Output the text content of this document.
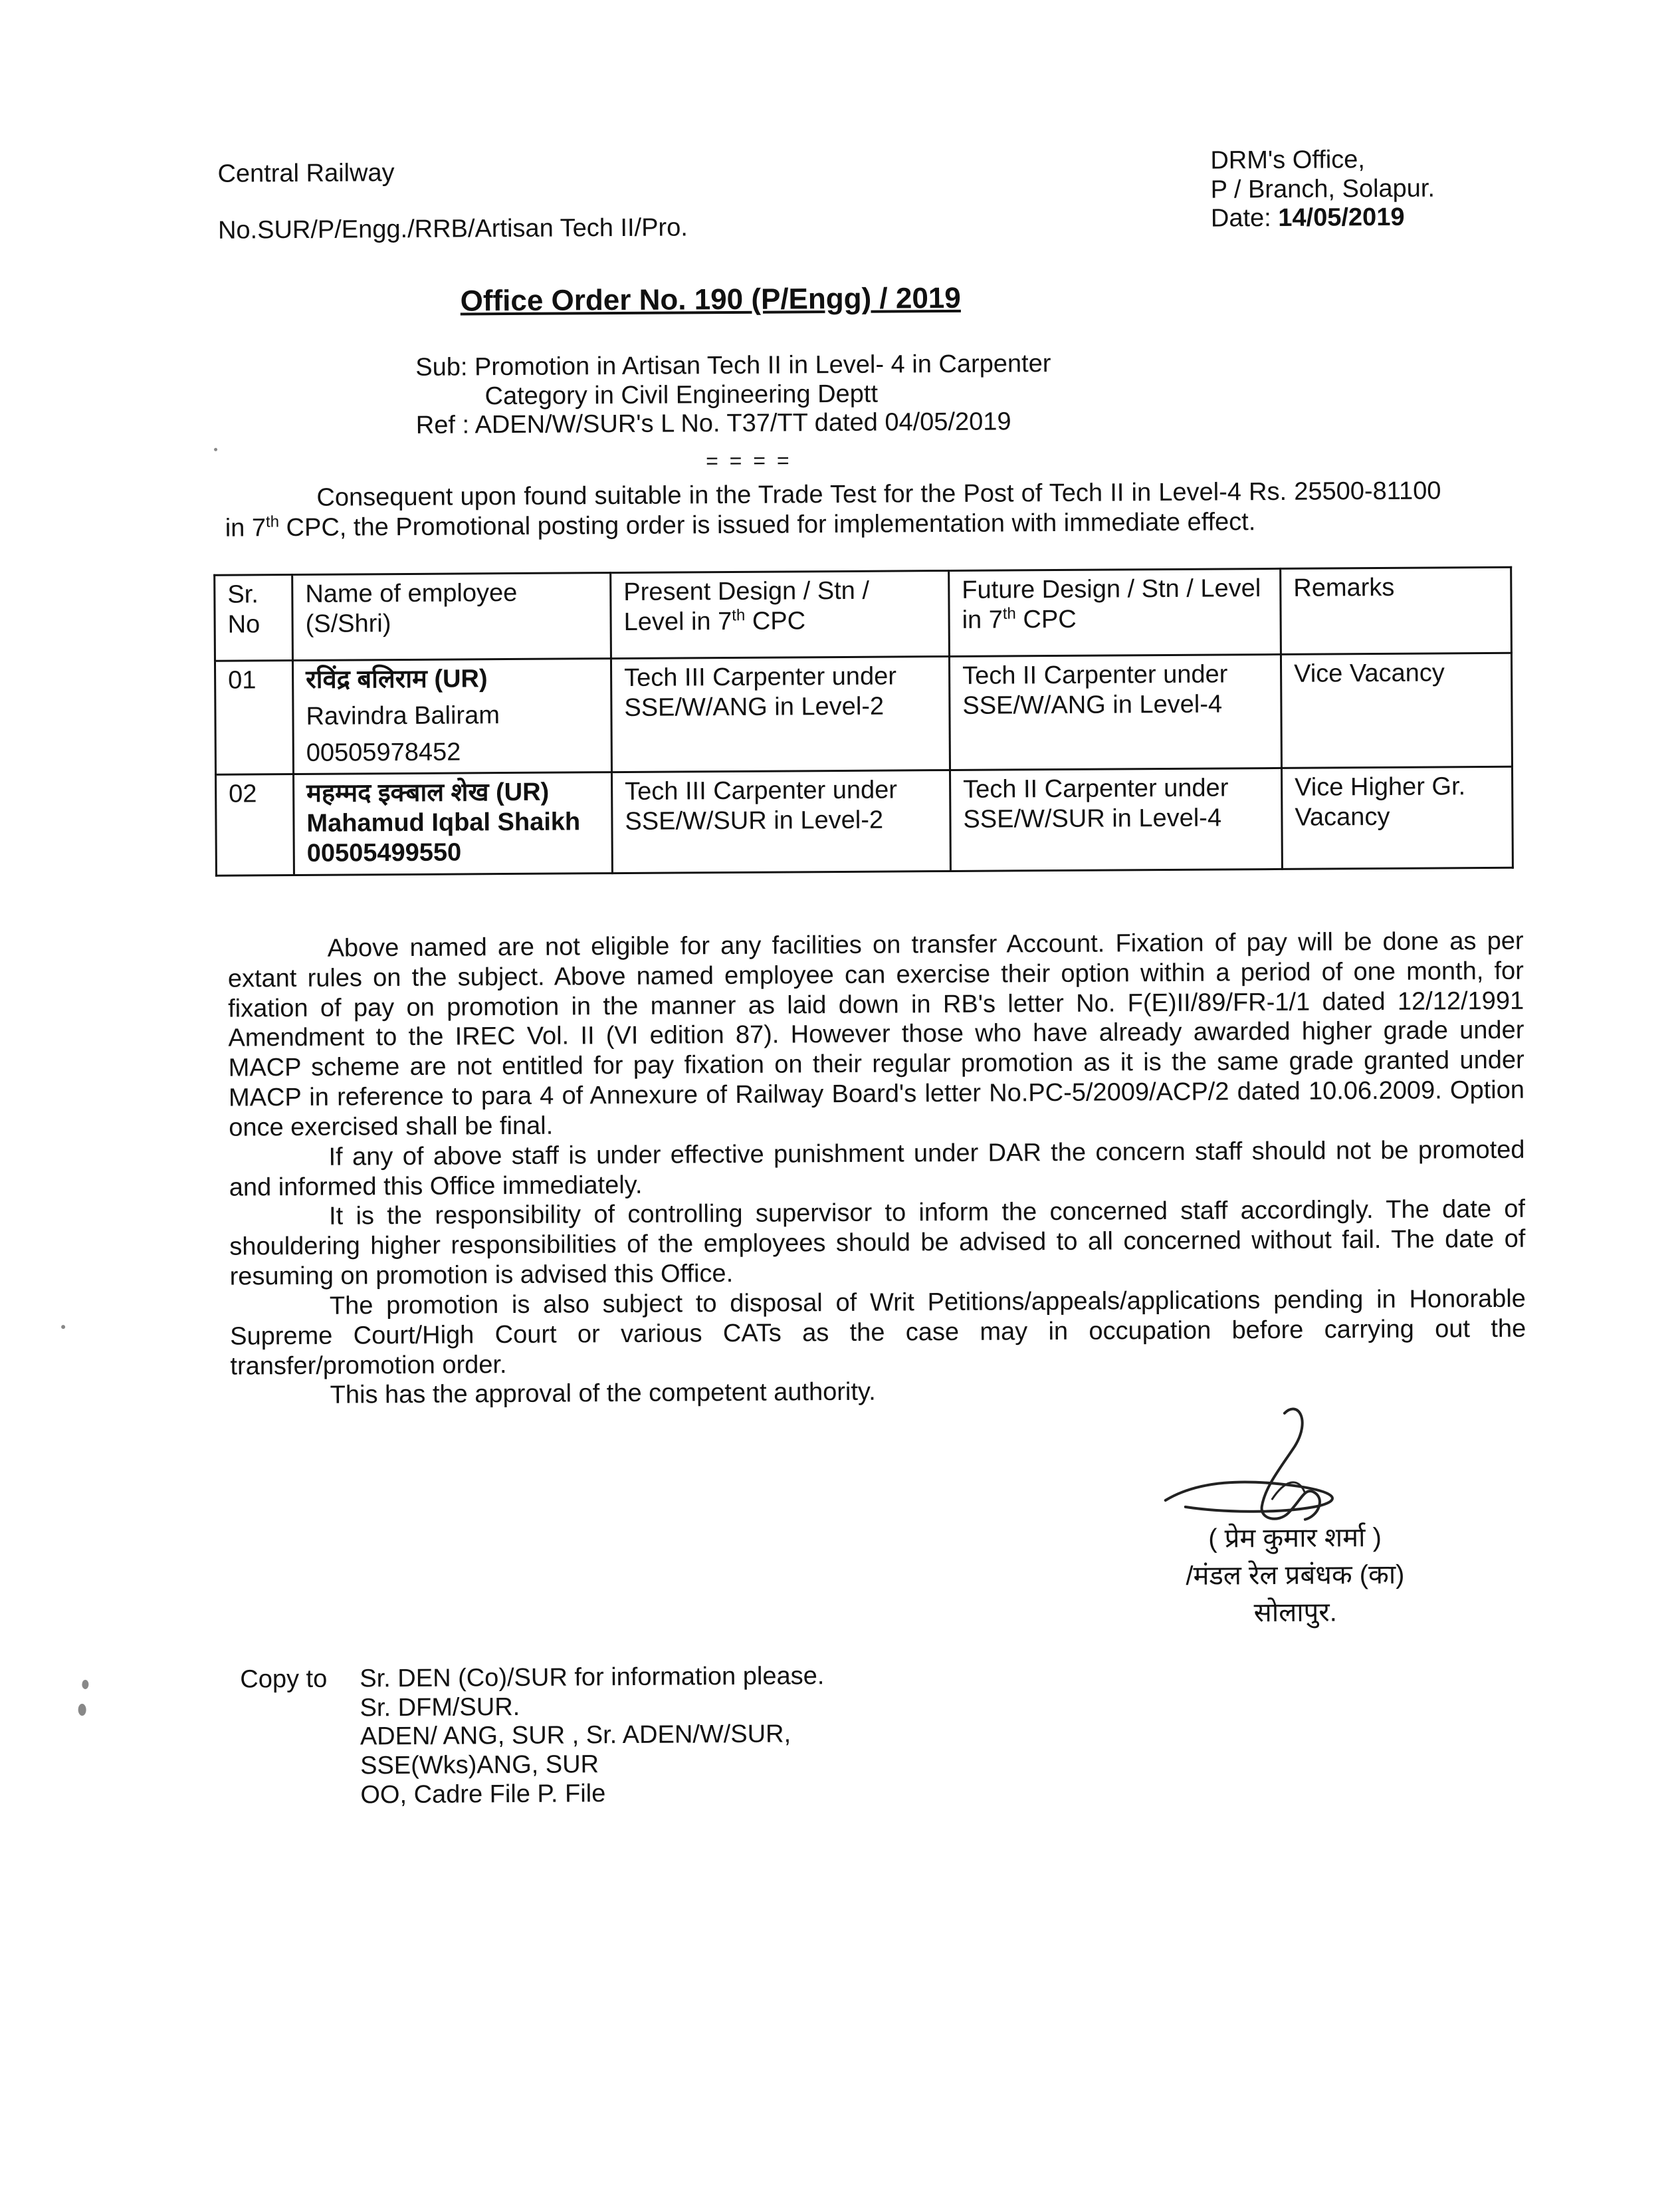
Central Railway
No.SUR/P/Engg./RRB/Artisan Tech II/Pro.
DRM's Office,
P / Branch, Solapur.
Date: 14/05/2019
Office Order No. 190 (P/Engg) / 2019
Sub: Promotion in Artisan Tech II in Level- 4 in Carpenter
Category in Civil Engineering Deptt
Ref : ADEN/W/SUR's L No. T37/TT dated 04/05/2019
= = = =
Consequent upon found suitable in the Trade Test for the Post of Tech II in Level-4 Rs. 25500-81100 in 7th CPC, the Promotional posting order is issued for implementation with immediate effect.
Sr. No	Name of employee (S/Shri)	Present Design / Stn / Level in 7th CPC	Future Design / Stn / Level in 7th CPC	Remarks
01	रविंद्र बलिराम (UR)
Ravindra Baliram
00505978452	Tech III Carpenter under SSE/W/ANG in Level-2	Tech II Carpenter under SSE/W/ANG in Level-4	Vice Vacancy
02	महम्मद इक्बाल शेख (UR)
Mahamud Iqbal Shaikh
00505499550	Tech III Carpenter under SSE/W/SUR in Level-2	Tech II Carpenter under SSE/W/SUR in Level-4	Vice Higher Gr. Vacancy

Above named are not eligible for any facilities on transfer Account. Fixation of pay will be done as per extant rules on the subject. Above named employee can exercise their option within a period of one month, for fixation of pay on promotion in the manner as laid down in RB's letter No. F(E)II/89/FR-1/1 dated 12/12/1991 Amendment to the IREC Vol. II (VI edition 87). However those who have already awarded higher grade under MACP scheme are not entitled for pay fixation on their regular promotion as it is the same grade granted under MACP in reference to para 4 of Annexure of Railway Board's letter No.PC-5/2009/ACP/2 dated 10.06.2009. Option once exercised shall be final.

If any of above staff is under effective punishment under DAR the concern staff should not be promoted and informed this Office immediately.

It is the responsibility of controlling supervisor to inform the concerned staff accordingly. The date of shouldering higher responsibilities of the employees should be advised to all concerned without fail. The date of resuming on promotion is advised this Office.

The promotion is also subject to disposal of Writ Petitions/appeals/applications pending in Honorable Supreme Court/High Court or various CATs as the case may in occupation before carrying out the transfer/promotion order.

This has the approval of the competent authority.

( प्रेम कुमार शर्मा )
/मंडल रेल प्रबंधक (का)
सोलापुर.
Copy to	Sr. DEN (Co)/SUR for information please.
Sr. DFM/SUR.
ADEN/ ANG, SUR , Sr. ADEN/W/SUR,
SSE(Wks)ANG, SUR
OO, Cadre File P. File
